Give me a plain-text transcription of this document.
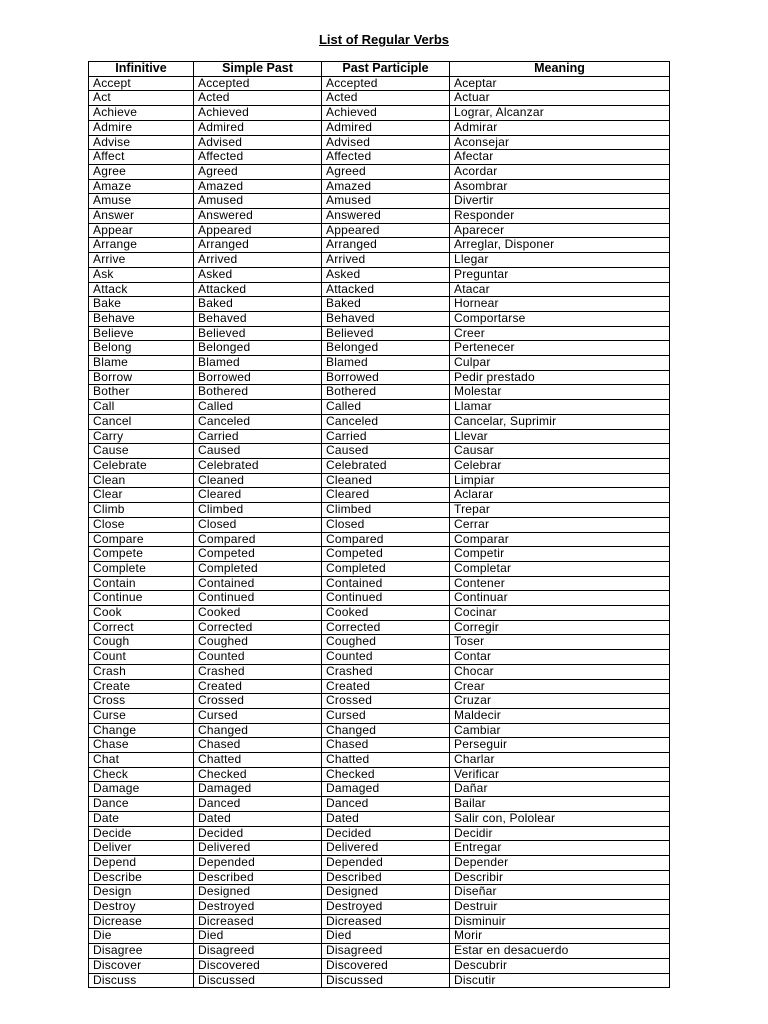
List of Regular Verbs
Infinitive	Simple Past	Past Participle	Meaning
Accept	Accepted	Accepted	Aceptar
Act	Acted	Acted	Actuar
Achieve	Achieved	Achieved	Lograr, Alcanzar
Admire	Admired	Admired	Admirar
Advise	Advised	Advised	Aconsejar
Affect	Affected	Affected	Afectar
Agree	Agreed	Agreed	Acordar
Amaze	Amazed	Amazed	Asombrar
Amuse	Amused	Amused	Divertir
Answer	Answered	Answered	Responder
Appear	Appeared	Appeared	Aparecer
Arrange	Arranged	Arranged	Arreglar, Disponer
Arrive	Arrived	Arrived	Llegar
Ask	Asked	Asked	Preguntar
Attack	Attacked	Attacked	Atacar
Bake	Baked	Baked	Hornear
Behave	Behaved	Behaved	Comportarse
Believe	Believed	Believed	Creer
Belong	Belonged	Belonged	Pertenecer
Blame	Blamed	Blamed	Culpar
Borrow	Borrowed	Borrowed	Pedir prestado
Bother	Bothered	Bothered	Molestar
Call	Called	Called	Llamar
Cancel	Canceled	Canceled	Cancelar, Suprimir
Carry	Carried	Carried	Llevar
Cause	Caused	Caused	Causar
Celebrate	Celebrated	Celebrated	Celebrar
Clean	Cleaned	Cleaned	Limpiar
Clear	Cleared	Cleared	Aclarar
Climb	Climbed	Climbed	Trepar
Close	Closed	Closed	Cerrar
Compare	Compared	Compared	Comparar
Compete	Competed	Competed	Competir
Complete	Completed	Completed	Completar
Contain	Contained	Contained	Contener
Continue	Continued	Continued	Continuar
Cook	Cooked	Cooked	Cocinar
Correct	Corrected	Corrected	Corregir
Cough	Coughed	Coughed	Toser
Count	Counted	Counted	Contar
Crash	Crashed	Crashed	Chocar
Create	Created	Created	Crear
Cross	Crossed	Crossed	Cruzar
Curse	Cursed	Cursed	Maldecir
Change	Changed	Changed	Cambiar
Chase	Chased	Chased	Perseguir
Chat	Chatted	Chatted	Charlar
Check	Checked	Checked	Verificar
Damage	Damaged	Damaged	Dañar
Dance	Danced	Danced	Bailar
Date	Dated	Dated	Salir con, Pololear
Decide	Decided	Decided	Decidir
Deliver	Delivered	Delivered	Entregar
Depend	Depended	Depended	Depender
Describe	Described	Described	Describir
Design	Designed	Designed	Diseñar
Destroy	Destroyed	Destroyed	Destruir
Dicrease	Dicreased	Dicreased	Disminuir
Die	Died	Died	Morir
Disagree	Disagreed	Disagreed	Estar en desacuerdo
Discover	Discovered	Discovered	Descubrir
Discuss	Discussed	Discussed	Discutir
